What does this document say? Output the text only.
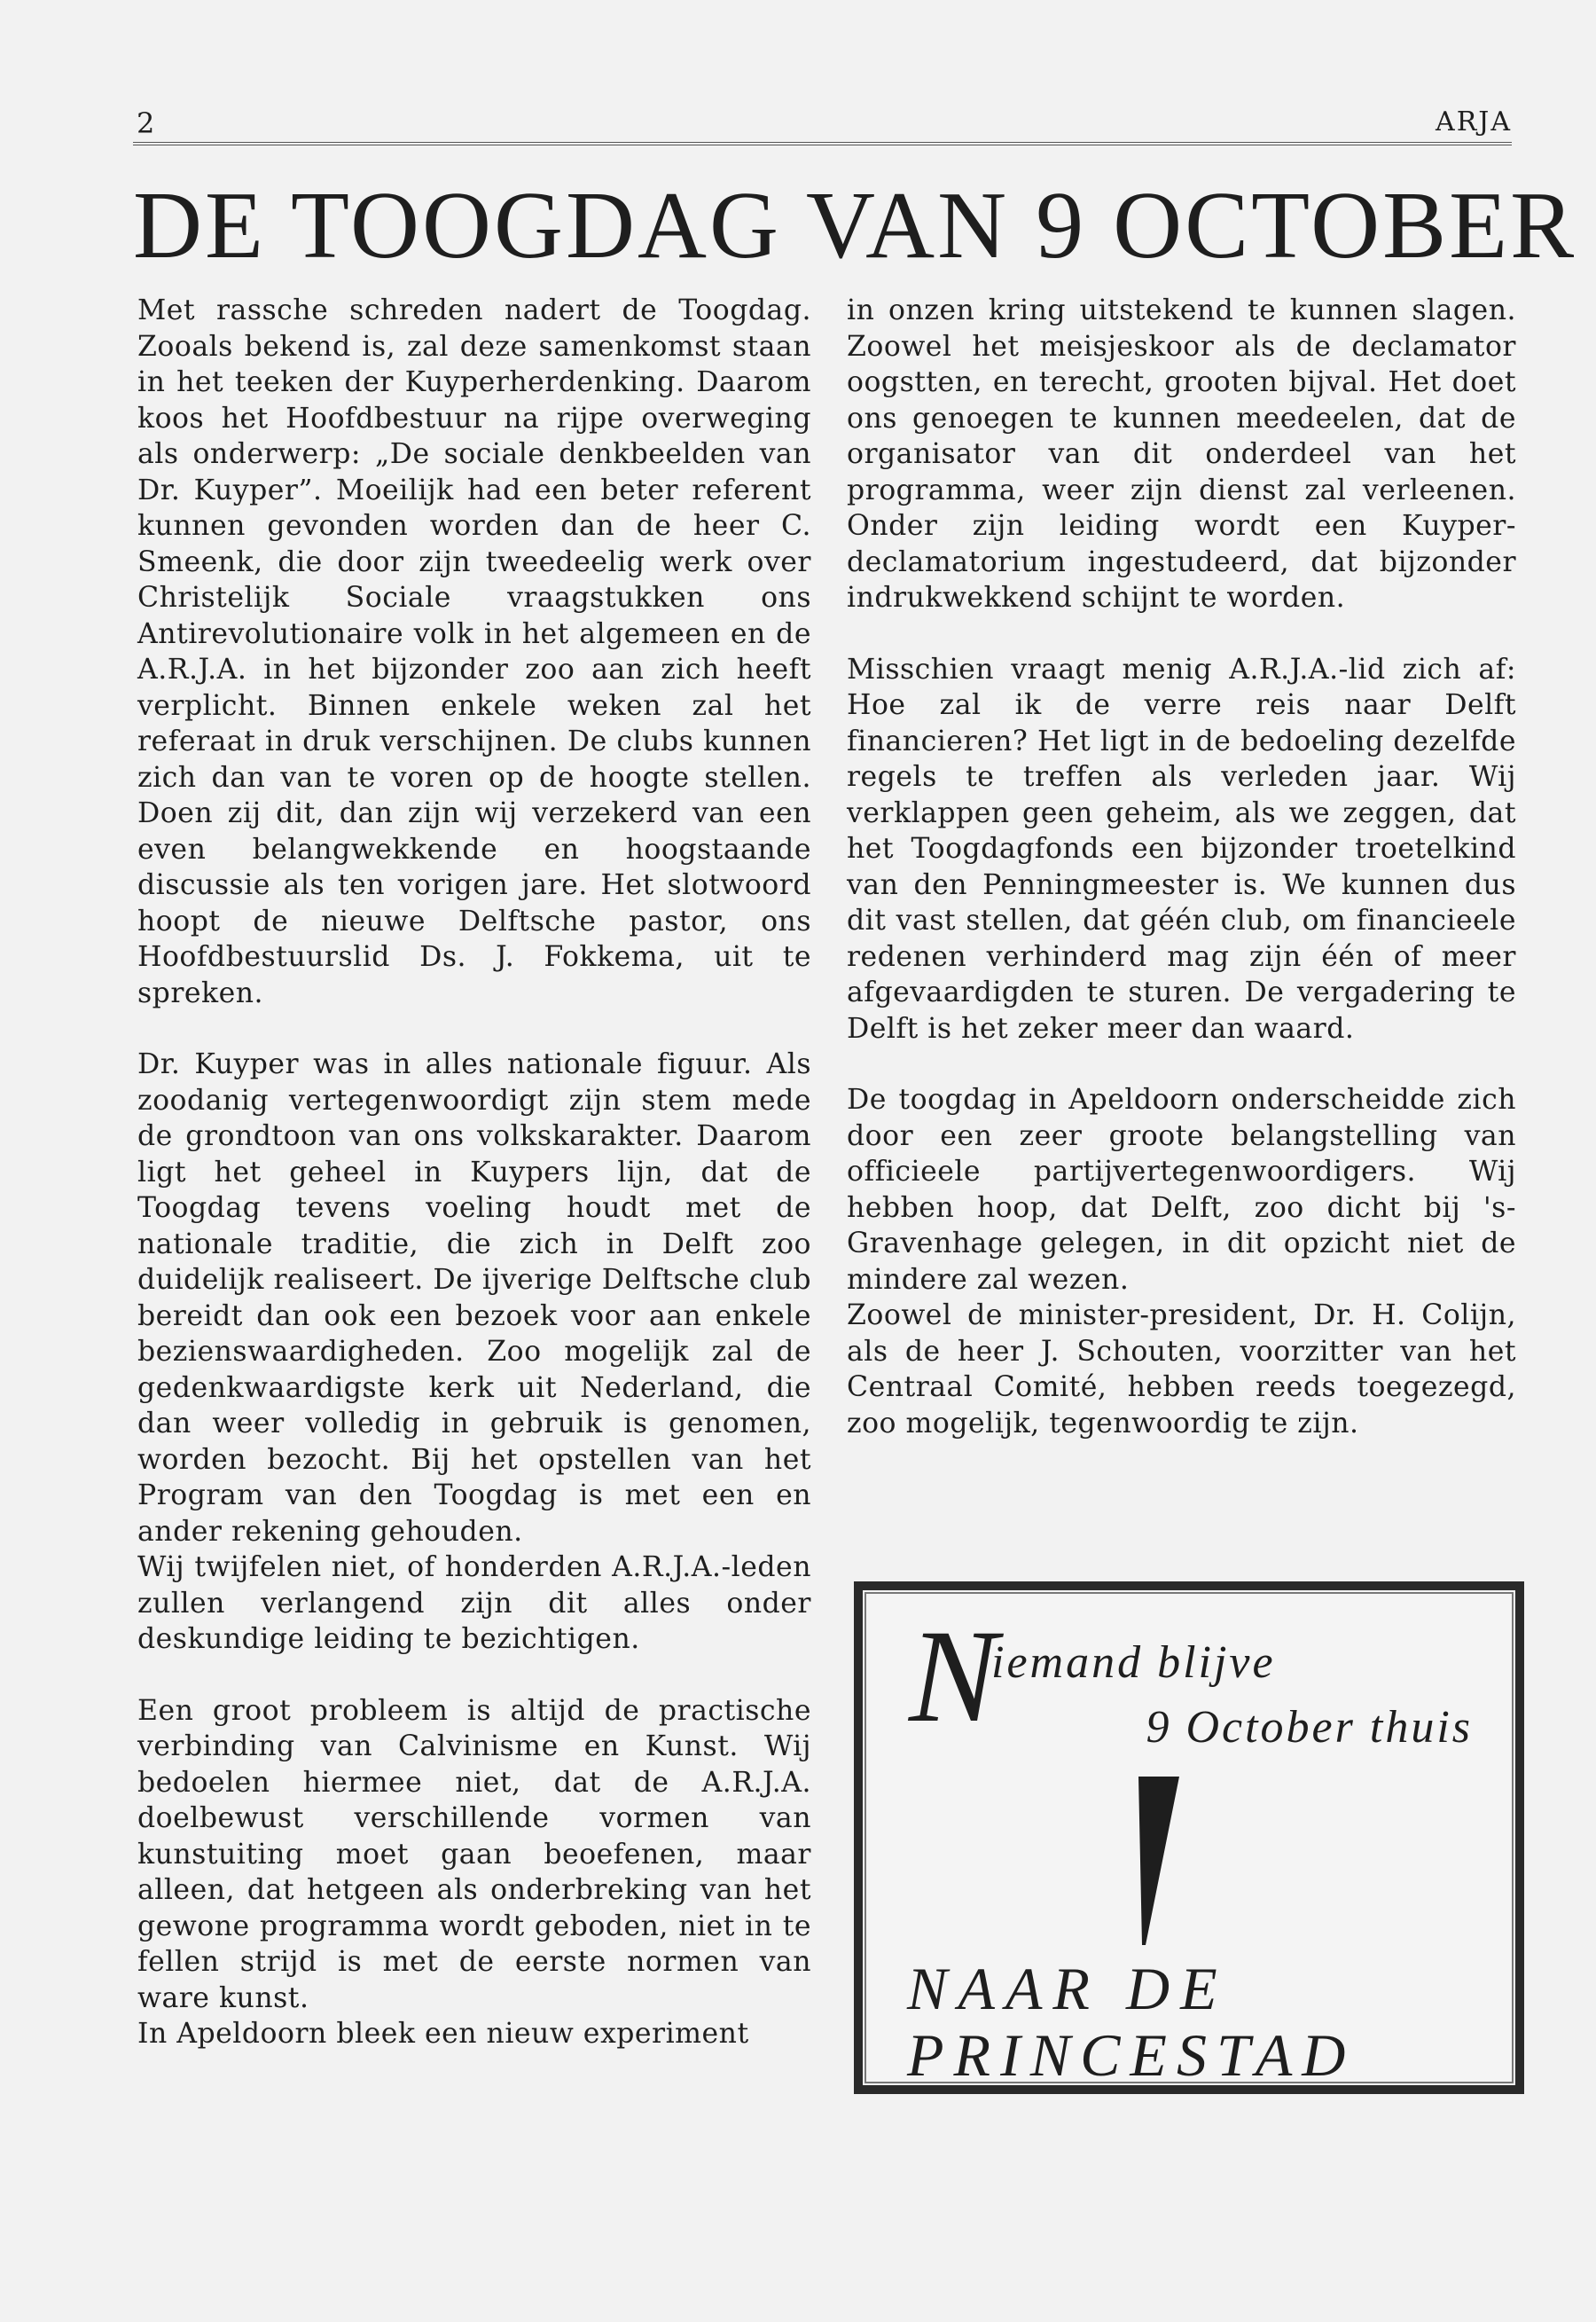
2	ARJA
DE TOOGDAG VAN 9 OCTOBER

Met rassche schreden nadert de Toogdag. Zooals bekend is, zal deze samenkomst staan in het teeken der Kuyperherdenking. Daarom koos het Hoofdbestuur na rijpe overweging als onderwerp: „De sociale denkbeelden van Dr. Kuyper”. Moeilijk had een beter referent kunnen gevonden worden dan de heer C. Smeenk, die door zijn tweedeelig werk over Christelijk Sociale vraagstukken ons Antirevolutionaire volk in het algemeen en de A.R.J.A. in het bijzonder zoo aan zich heeft verplicht. Binnen enkele weken zal het referaat in druk verschijnen. De clubs kunnen zich dan van te voren op de hoogte stellen. Doen zij dit, dan zijn wij verzekerd van een even belangwekkende en hoogstaande discussie als ten vorigen jare. Het slotwoord hoopt de nieuwe Delftsche pastor, ons Hoofdbestuurslid Ds. J. Fokkema, uit te spreken.

Dr. Kuyper was in alles nationale figuur. Als zoodanig vertegenwoordigt zijn stem mede de grondtoon van ons volkskarakter. Daarom ligt het geheel in Kuypers lijn, dat de Toogdag tevens voeling houdt met de nationale traditie, die zich in Delft zoo duidelijk realiseert. De ijverige Delftsche club bereidt dan ook een bezoek voor aan enkele bezienswaardigheden. Zoo mogelijk zal de gedenkwaardigste kerk uit Nederland, die dan weer volledig in gebruik is genomen, worden bezocht. Bij het opstellen van het Program van den Toogdag is met een en ander rekening gehouden.

Wij twijfelen niet, of honderden A.R.J.A.-leden zullen verlangend zijn dit alles onder deskundige leiding te bezichtigen.

Een groot probleem is altijd de practische verbinding van Calvinisme en Kunst. Wij bedoelen hiermee niet, dat de A.R.J.A. doelbewust verschillende vormen van kunstuiting moet gaan beoefenen, maar alleen, dat hetgeen als onderbreking van het gewone programma wordt geboden, niet in te fellen strijd is met de eerste normen van ware kunst.

In Apeldoorn bleek een nieuw experiment

in onzen kring uitstekend te kunnen slagen. Zoowel het meisjeskoor als de declamator oogstten, en terecht, grooten bijval. Het doet ons genoegen te kunnen meedeelen, dat de organisator van dit onderdeel van het programma, weer zijn dienst zal verleenen. Onder zijn leiding wordt een Kuyper-declamatorium ingestudeerd, dat bijzonder indrukwekkend schijnt te worden.

Misschien vraagt menig A.R.J.A.-lid zich af: Hoe zal ik de verre reis naar Delft financieren? Het ligt in de bedoeling dezelfde regels te treffen als verleden jaar. Wij verklappen geen geheim, als we zeggen, dat het Toogdagfonds een bijzonder troetelkind van den Penningmeester is. We kunnen dus dit vast stellen, dat géén club, om financieele redenen verhinderd mag zijn één of meer afgevaardigden te sturen. De vergadering te Delft is het zeker meer dan waard.

De toogdag in Apeldoorn onderscheidde zich door een zeer groote belangstelling van officieele partijvertegenwoordigers. Wij hebben hoop, dat Delft, zoo dicht bij 's-Gravenhage gelegen, in dit opzicht niet de mindere zal wezen.

Zoowel de minister-president, Dr. H. Colijn, als de heer J. Schouten, voorzitter van het Centraal Comité, hebben reeds toegezegd, zoo mogelijk, tegenwoordig te zijn.

N
iemand blijve
9 October thuis
NAAR DE
PRINCESTAD
